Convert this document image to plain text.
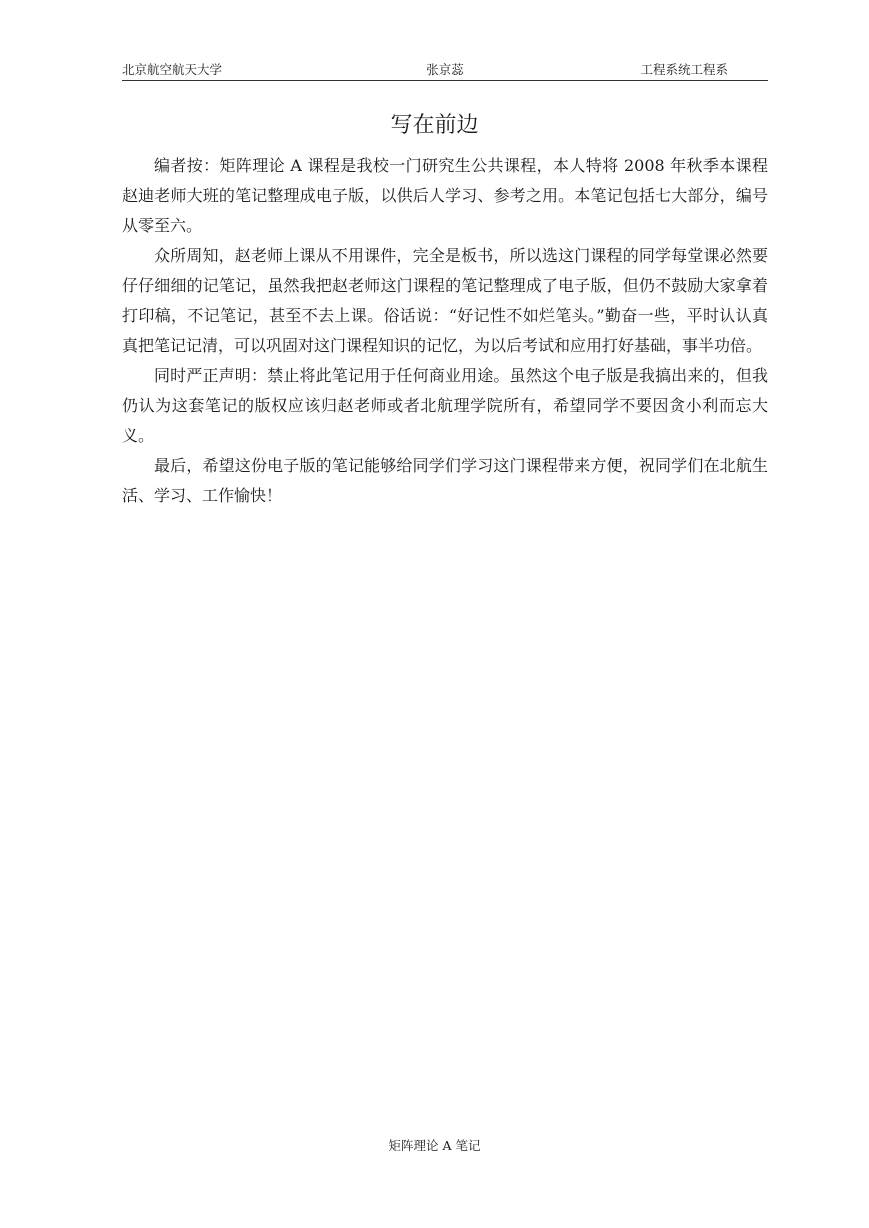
北京航空航天大学	张京蕊	工程系统工程系
写在前边

编者按：矩阵理论 A 课程是我校一门研究生公共课程，本人特将 2008 年秋季本课程赵迪老师大班的笔记整理成电子版，以供后人学习、参考之用。本笔记包括七大部分，编号从零至六。

众所周知，赵老师上课从不用课件，完全是板书，所以选这门课程的同学每堂课必然要仔仔细细的记笔记，虽然我把赵老师这门课程的笔记整理成了电子版，但仍不鼓励大家拿着打印稿，不记笔记，甚至不去上课。俗话说：“好记性不如烂笔头。”勤奋一些，平时认认真真把笔记记清，可以巩固对这门课程知识的记忆，为以后考试和应用打好基础，事半功倍。

同时严正声明：禁止将此笔记用于任何商业用途。虽然这个电子版是我搞出来的，但我仍认为这套笔记的版权应该归赵老师或者北航理学院所有，希望同学不要因贪小利而忘大义。

最后，希望这份电子版的笔记能够给同学们学习这门课程带来方便，祝同学们在北航生活、学习、工作愉快！

矩阵理论 A 笔记
